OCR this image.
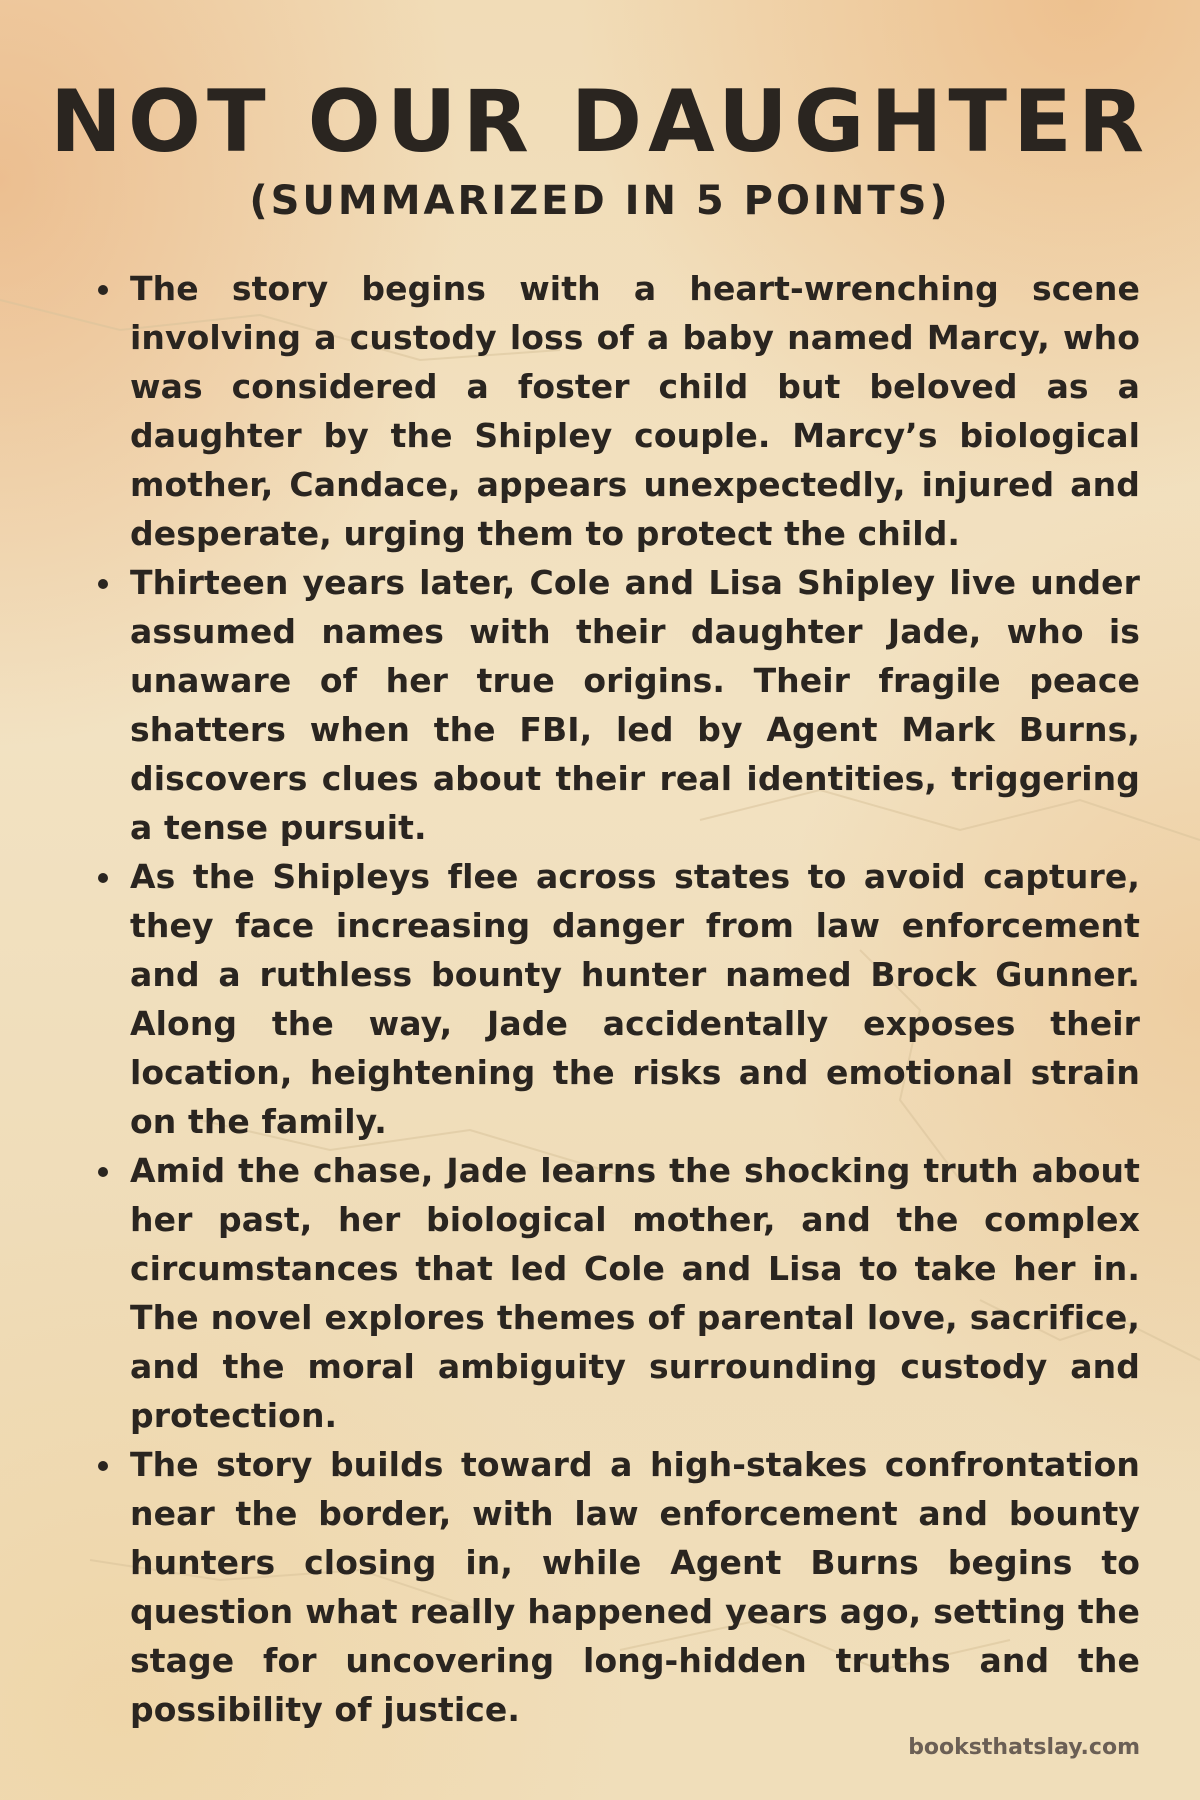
NOT OUR DAUGHTER
(SUMMARIZED IN 5 POINTS)
The story begins with a heart-wrenching scene involving a custody loss of a baby named Marcy, who was considered a foster child but beloved as a daughter by the Shipley couple. Marcy’s biological mother, Candace, appears unexpectedly, injured and desperate, urging them to protect the child.
Thirteen years later, Cole and Lisa Shipley live under assumed names with their daughter Jade, who is unaware of her true origins. Their fragile peace shatters when the FBI, led by Agent Mark Burns, discovers clues about their real identities, triggering a tense pursuit.
As the Shipleys flee across states to avoid capture, they face increasing danger from law enforcement and a ruthless bounty hunter named Brock Gunner. Along the way, Jade accidentally exposes their location, heightening the risks and emotional strain on the family.
Amid the chase, Jade learns the shocking truth about her past, her biological mother, and the complex circumstances that led Cole and Lisa to take her in. The novel explores themes of parental love, sacrifice, and the moral ambiguity surrounding custody and protection.
The story builds toward a high-stakes confrontation near the border, with law enforcement and bounty hunters closing in, while Agent Burns begins to question what really happened years ago, setting the stage for uncovering long-hidden truths and the possibility of justice.
booksthatslay.com
